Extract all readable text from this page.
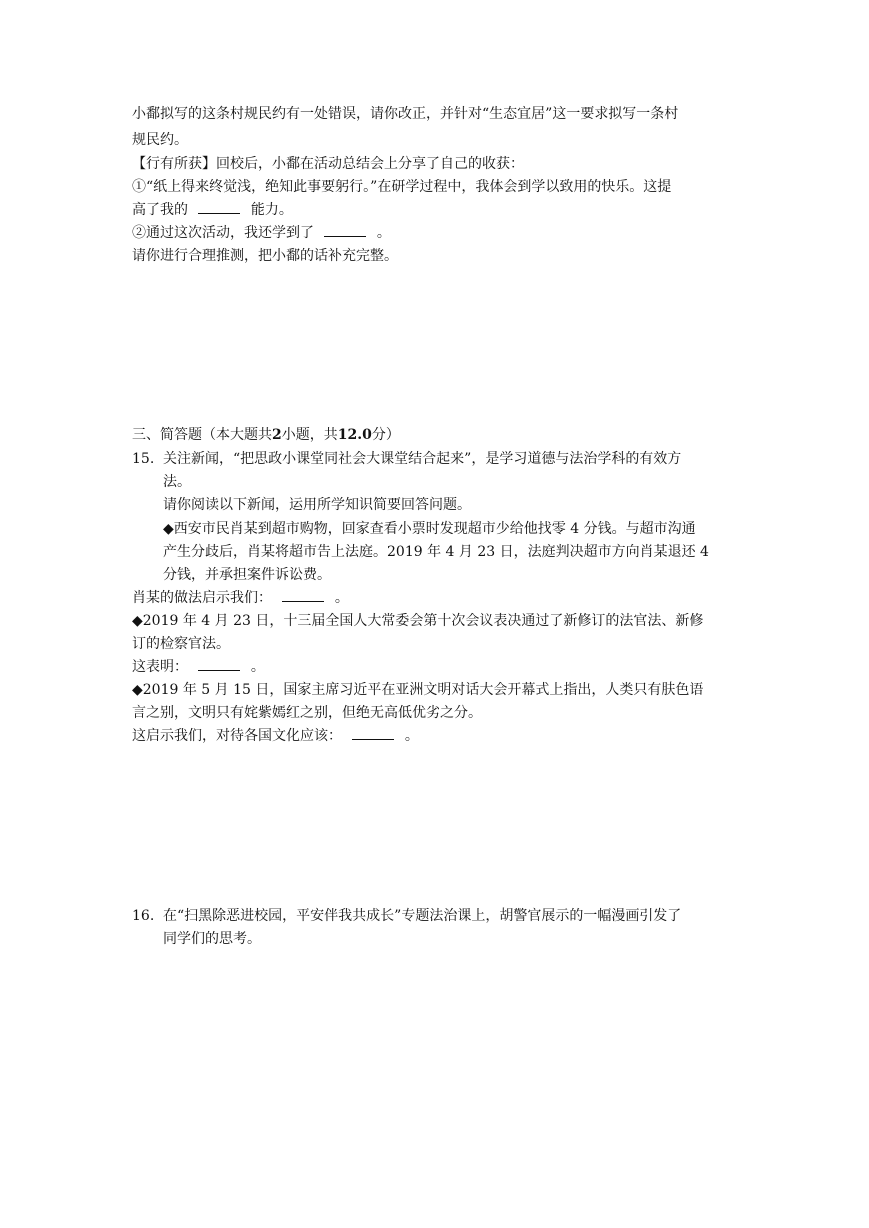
小鄱拟写的这条村规民约有一处错误，请你改正，并针对“生态宜居”这一要求拟写一条村
规民约。
【行有所获】回校后，小鄱在活动总结会上分享了自己的收获：
①“纸上得来终觉浅，绝知此事要躬行。”在研学过程中，我体会到学以致用的快乐。这提
高了我的	能力。
②通过这次活动，我还学到了	。
请你进行合理推测，把小鄱的话补充完整。
三、简答题（本大题共2小题，共12.0分）
15. 关注新闻，“把思政小课堂同社会大课堂结合起来”，是学习道德与法治学科的有效方
法。
请你阅读以下新闻，运用所学知识简要回答问题。
◆西安市民肖某到超市购物，回家查看小票时发现超市少给他找零 4 分钱。与超市沟通
产生分歧后，肖某将超市告上法庭。2019 年 4 月 23 日，法庭判决超市方向肖某退还 4
分钱，并承担案件诉讼费。
肖某的做法启示我们：	。
◆2019 年 4 月 23 日，十三届全国人大常委会第十次会议表决通过了新修订的法官法、新修
订的检察官法。
这表明：	。
◆2019 年 5 月 15 日，国家主席习近平在亚洲文明对话大会开幕式上指出，人类只有肤色语
言之别，文明只有姹紫嫣红之别，但绝无高低优劣之分。
这启示我们，对待各国文化应该：	。
16. 在“扫黑除恶进校园，平安伴我共成长”专题法治课上，胡警官展示的一幅漫画引发了
同学们的思考。
